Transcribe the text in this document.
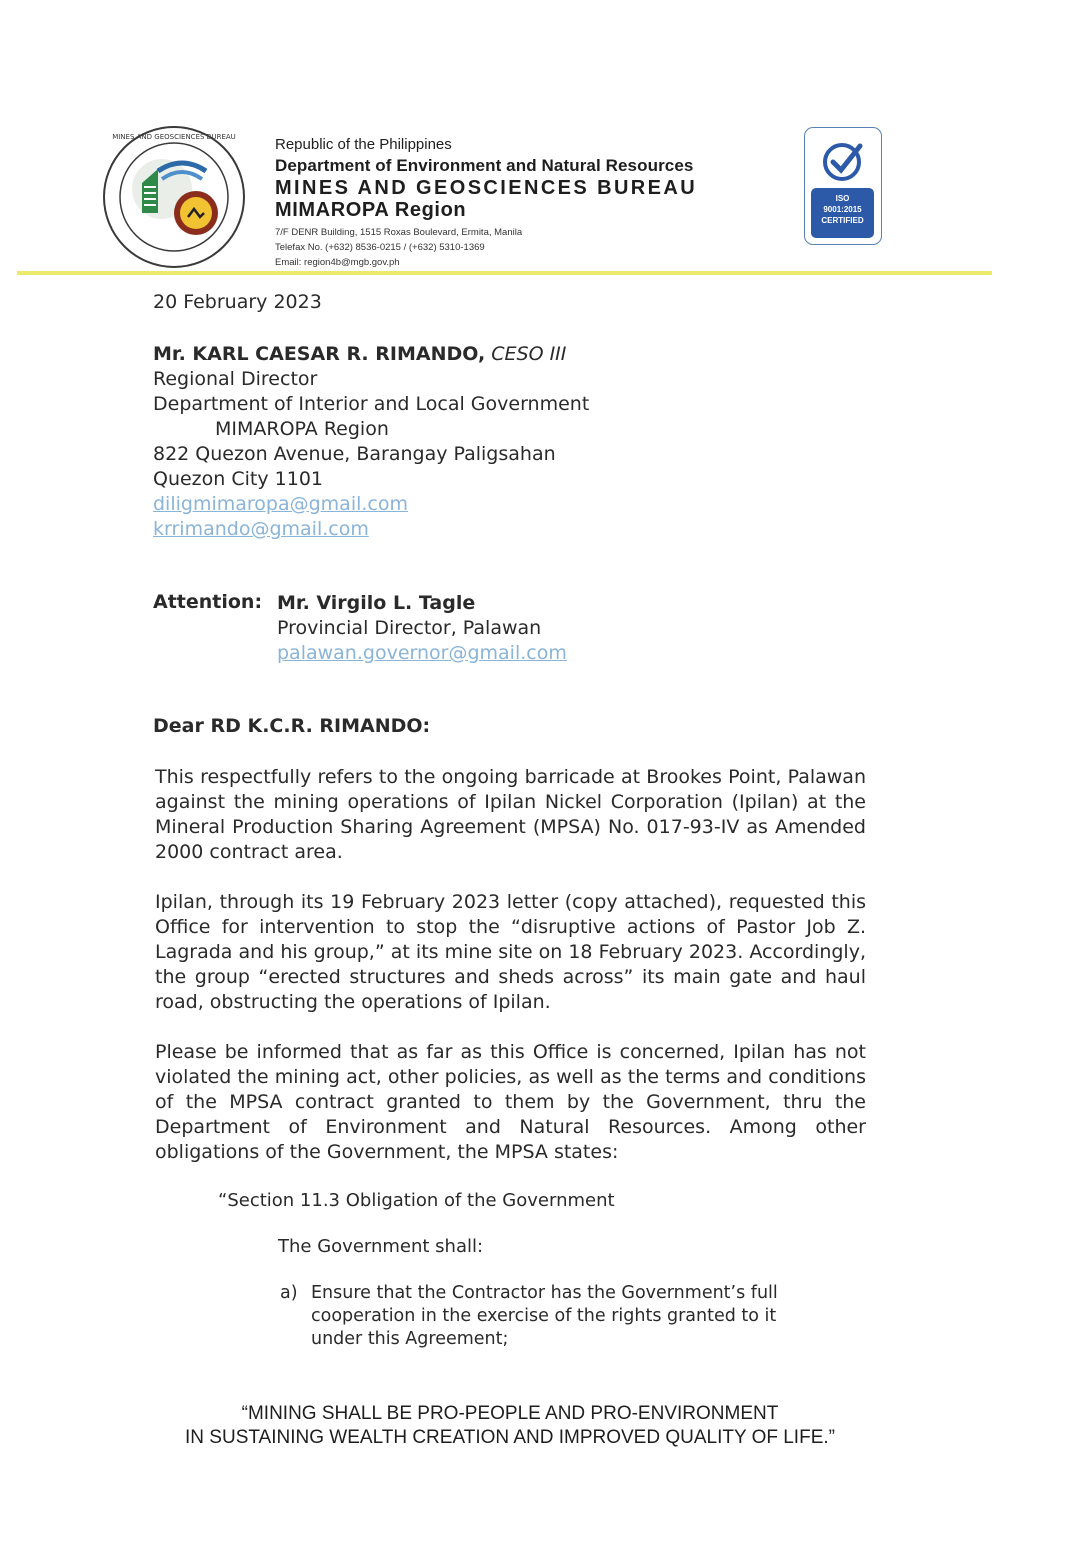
MINES AND GEOSCIENCES BUREAU	Republic of the Philippines
Department of Environment and Natural Resources
MINES AND GEOSCIENCES BUREAU
MIMAROPA Region
7/F DENR Building, 1515 Roxas Boulevard, Ermita, Manila
Telefax No. (+632) 8536-0215 / (+632) 5310-1369
Email: region4b@mgb.gov.ph
ISO
9001:2015
CERTIFIED
20 February 2023
Mr. KARL CAESAR R. RIMANDO, CESO III
Regional Director
Department of Interior and Local Government
MIMAROPA Region
822 Quezon Avenue, Barangay Paligsahan
Quezon City 1101
diligmimaropa@gmail.com
krrimando@gmail.com
Attention: Mr. Virgilo L. Tagle
Provincial Director, Palawan
palawan.governor@gmail.com
Dear RD K.C.R. RIMANDO:
This respectfully refers to the ongoing barricade at Brookes Point, Palawan against the mining operations of Ipilan Nickel Corporation (Ipilan) at the Mineral Production Sharing Agreement (MPSA) No. 017-93-IV as Amended 2000 contract area.
Ipilan, through its 19 February 2023 letter (copy attached), requested this Office for intervention to stop the “disruptive actions of Pastor Job Z. Lagrada and his group,” at its mine site on 18 February 2023. Accordingly, the group “erected structures and sheds across” its main gate and haul road, obstructing the operations of Ipilan.
Please be informed that as far as this Office is concerned, Ipilan has not violated the mining act, other policies, as well as the terms and conditions of the MPSA contract granted to them by the Government, thru the Department of Environment and Natural Resources. Among other obligations of the Government, the MPSA states:
“Section 11.3 Obligation of the Government
The Government shall:
a) Ensure that the Contractor has the Government’s full cooperation in the exercise of the rights granted to it under this Agreement;
“MINING SHALL BE PRO-PEOPLE AND PRO-ENVIRONMENT
IN SUSTAINING WEALTH CREATION AND IMPROVED QUALITY OF LIFE.”
